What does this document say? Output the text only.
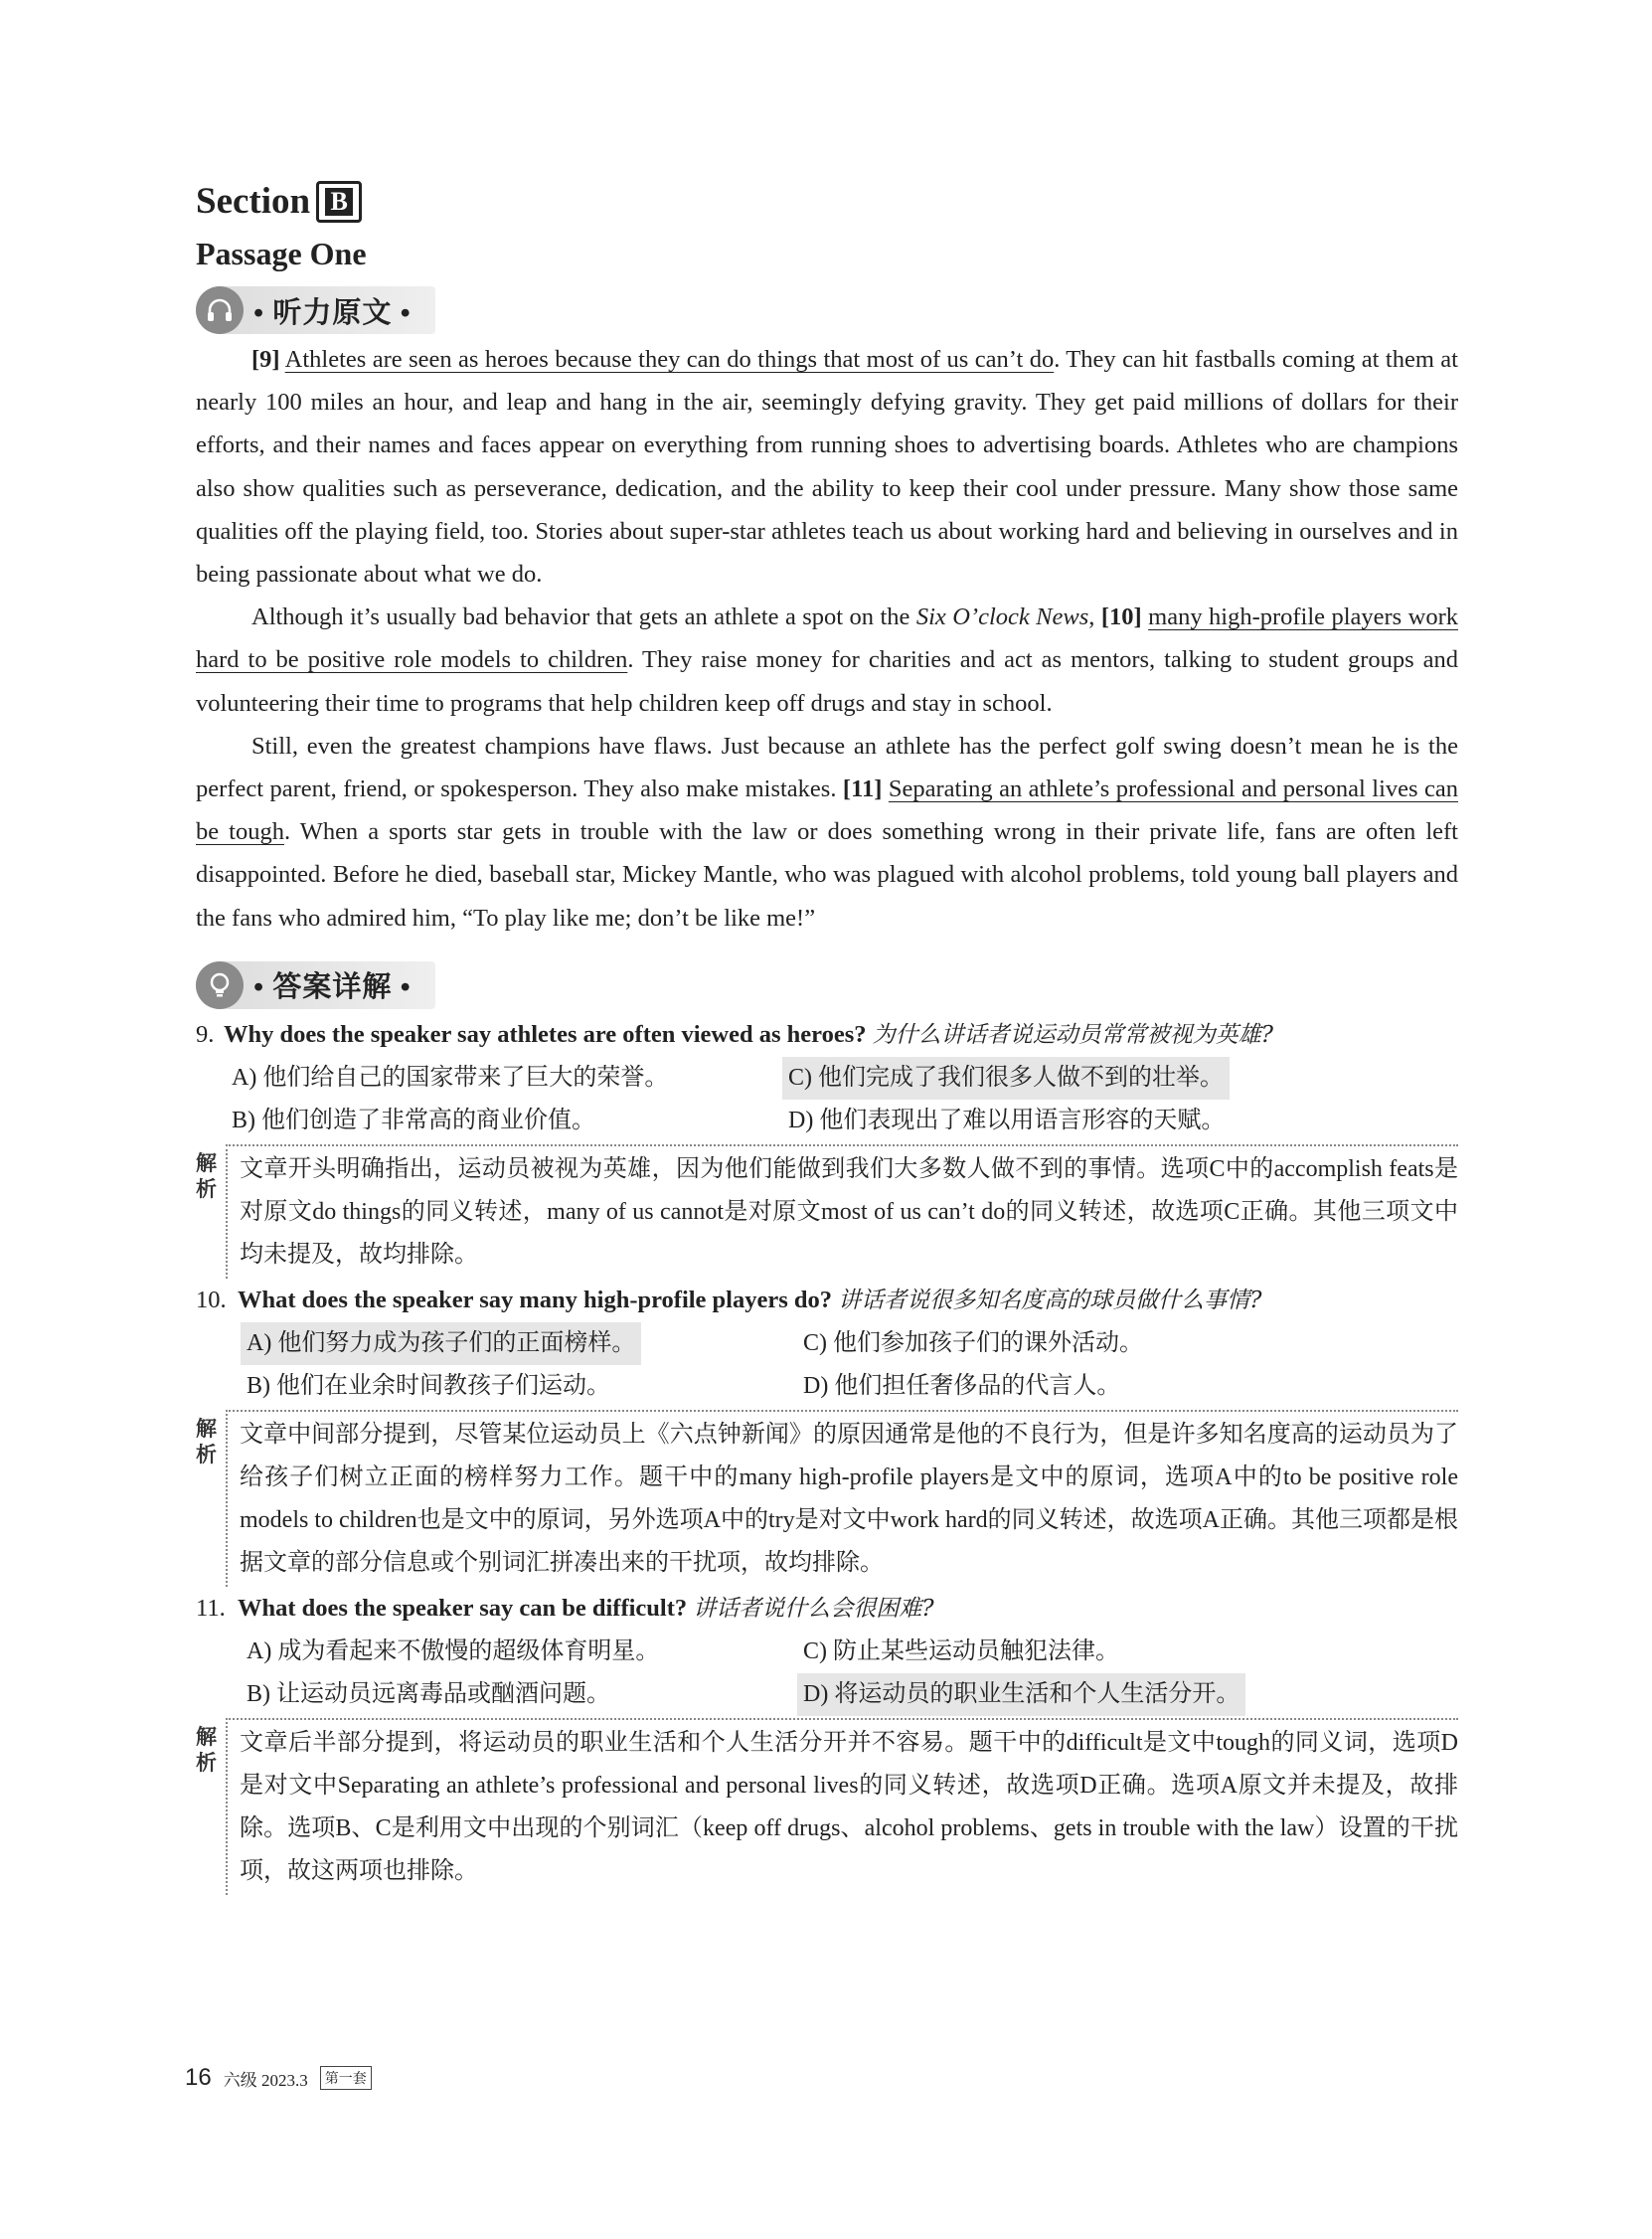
Section B
Passage One
• 听力原文 •

[9] Athletes are seen as heroes because they can do things that most of us can’t do. They can hit fastballs coming at them at nearly 100 miles an hour, and leap and hang in the air, seemingly defying gravity. They get paid millions of dollars for their efforts, and their names and faces appear on everything from running shoes to advertising boards. Athletes who are champions also show qualities such as perseverance, dedication, and the ability to keep their cool under pressure. Many show those same qualities off the playing field, too. Stories about super-star athletes teach us about working hard and believing in ourselves and in being passionate about what we do.

Although it’s usually bad behavior that gets an athlete a spot on the Six O’clock News, [10] many high-profile players work hard to be positive role models to children. They raise money for charities and act as mentors, talking to student groups and volunteering their time to programs that help children keep off drugs and stay in school.

Still, even the greatest champions have flaws. Just because an athlete has the perfect golf swing doesn’t mean he is the perfect parent, friend, or spokesperson. They also make mistakes. [11] Separating an athlete’s professional and personal lives can be tough. When a sports star gets in trouble with the law or does something wrong in their private life, fans are often left disappointed. Before he died, baseball star, Mickey Mantle, who was plagued with alcohol problems, told young ball players and the fans who admired him, “To play like me; don’t be like me!”

• 答案详解 •
9. Why does the speaker say athletes are often viewed as heroes? 为什么讲话者说运动员常常被视为英雄?
A) 他们给自己的国家带来了巨大的荣誉。	C) 他们完成了我们很多人做不到的壮举。
B) 他们创造了非常高的商业价值。	D) 他们表现出了难以用语言形容的天赋。
解
析
文章开头明确指出，运动员被视为英雄，因为他们能做到我们大多数人做不到的事情。选项C中的accomplish feats是对原文do things的同义转述，many of us cannot是对原文most of us can’t do的同义转述，故选项C正确。其他三项文中均未提及，故均排除。
10. What does the speaker say many high-profile players do? 讲话者说很多知名度高的球员做什么事情?
A) 他们努力成为孩子们的正面榜样。	C) 他们参加孩子们的课外活动。
B) 他们在业余时间教孩子们运动。	D) 他们担任奢侈品的代言人。
解
析
文章中间部分提到，尽管某位运动员上《六点钟新闻》的原因通常是他的不良行为，但是许多知名度高的运动员为了给孩子们树立正面的榜样努力工作。题干中的many high-profile players是文中的原词，选项A中的to be positive role models to children也是文中的原词，另外选项A中的try是对文中work hard的同义转述，故选项A正确。其他三项都是根据文章的部分信息或个别词汇拼凑出来的干扰项，故均排除。
11. What does the speaker say can be difficult? 讲话者说什么会很困难?
A) 成为看起来不傲慢的超级体育明星。	C) 防止某些运动员触犯法律。
B) 让运动员远离毒品或酗酒问题。	D) 将运动员的职业生活和个人生活分开。
解
析
文章后半部分提到，将运动员的职业生活和个人生活分开并不容易。题干中的difficult是文中tough的同义词，选项D是对文中Separating an athlete’s professional and personal lives的同义转述，故选项D正确。选项A原文并未提及，故排除。选项B、C是利用文中出现的个别词汇（keep off drugs、alcohol problems、gets in trouble with the law）设置的干扰项，故这两项也排除。
16 六级 2023.3	第一套
